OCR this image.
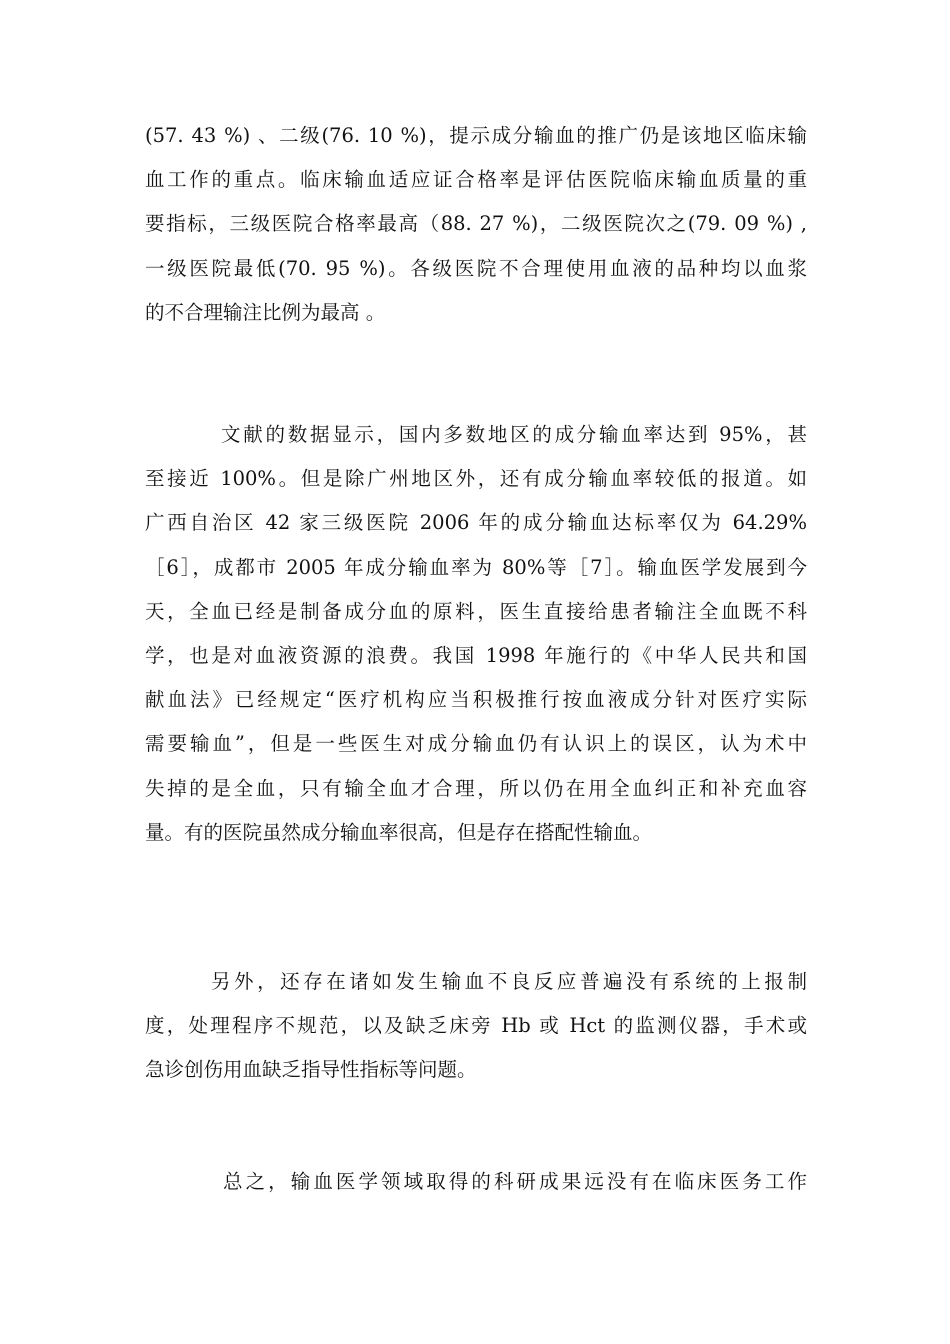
(57. 43 %) 、二级(76. 10 %)，提示成分输血的推广仍是该地区临床输
血工作的重点。临床输血适应证合格率是评估医院临床输血质量的重
要指标，三级医院合格率最高（88. 27 %)，二级医院次之(79. 09 %) ,
一级医院最低(70. 95 %)。各级医院不合理使用血液的品种均以血浆
的不合理输注比例为最高 。
文献的数据显示，国内多数地区的成分输血率达到 95%，甚
至接近 100%。但是除广州地区外，还有成分输血率较低的报道。如
广西自治区 42 家三级医院 2006 年的成分输血达标率仅为 64.29%
［6］，成都市 2005 年成分输血率为 80%等［7］。输血医学发展到今
天，全血已经是制备成分血的原料，医生直接给患者输注全血既不科
学，也是对血液资源的浪费。我国 1998 年施行的《中华人民共和国
献血法》已经规定“医疗机构应当积极推行按血液成分针对医疗实际
需要输血”，但是一些医生对成分输血仍有认识上的误区，认为术中
失掉的是全血，只有输全血才合理，所以仍在用全血纠正和补充血容
量。有的医院虽然成分输血率很高，但是存在搭配性输血。
另外，还存在诸如发生输血不良反应普遍没有系统的上报制
度，处理程序不规范，以及缺乏床旁 Hb 或 Hct 的监测仪器，手术或
急诊创伤用血缺乏指导性指标等问题。
总之，输血医学领域取得的科研成果远没有在临床医务工作
